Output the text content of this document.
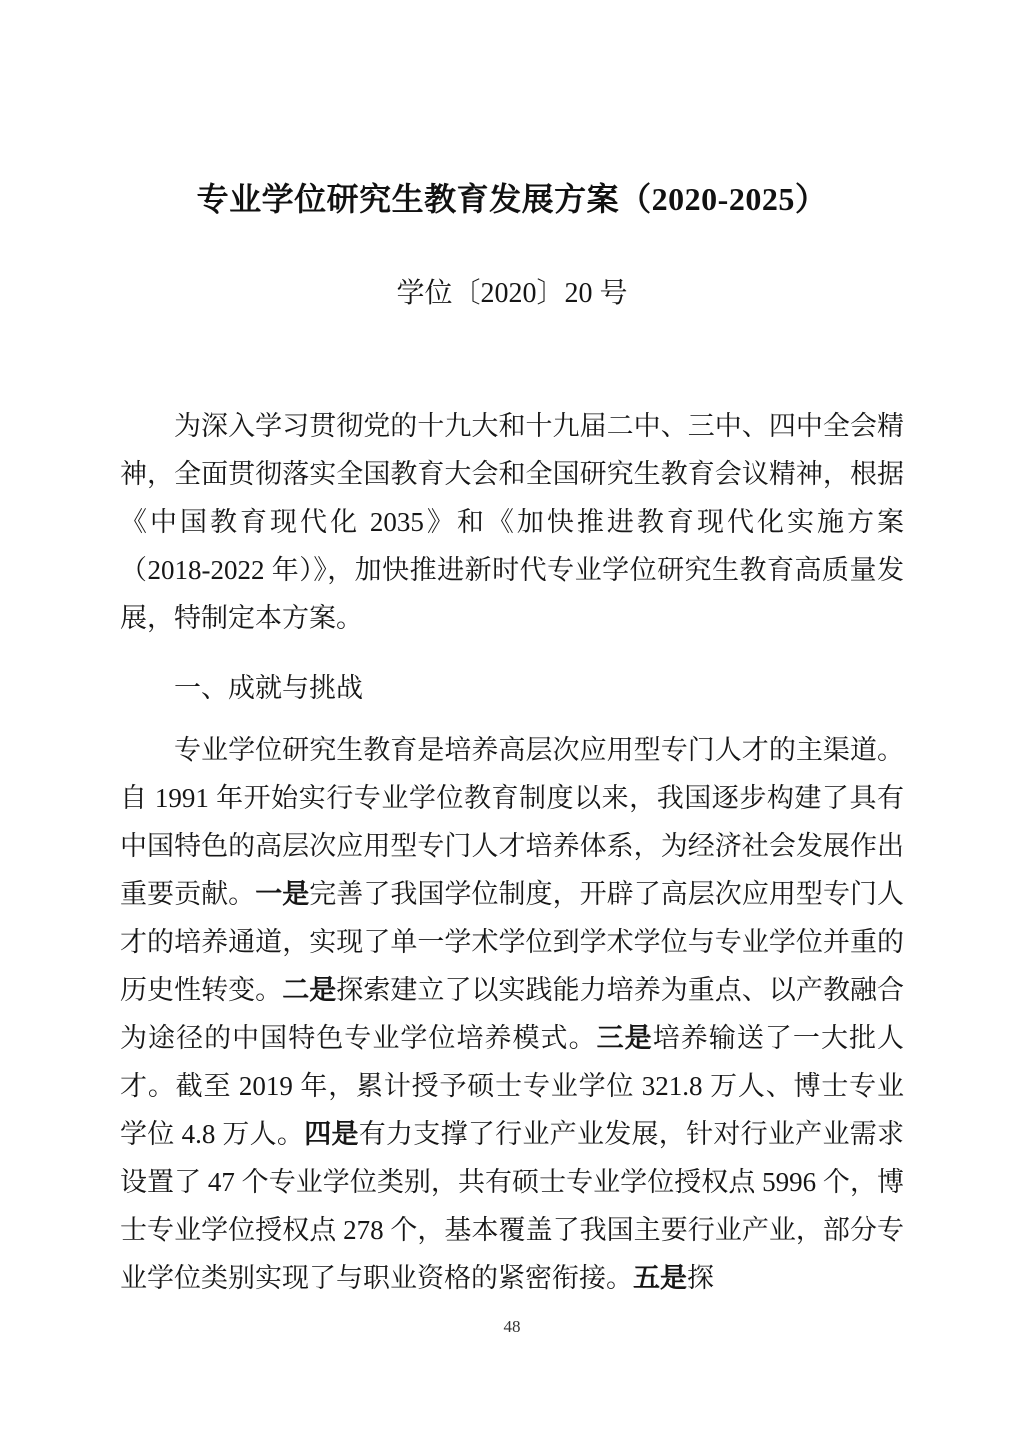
专业学位研究生教育发展方案（2020-2025）
学位〔2020〕20 号

为深入学习贯彻党的十九大和十九届二中、三中、四中全会精神，全面贯彻落实全国教育大会和全国研究生教育会议精神，根据《中国教育现代化 2035》和《加快推进教育现代化实施方案（2018-2022 年）》，加快推进新时代专业学位研究生教育高质量发展，特制定本方案。

一、成就与挑战

专业学位研究生教育是培养高层次应用型专门人才的主渠道。自 1991 年开始实行专业学位教育制度以来，我国逐步构建了具有中国特色的高层次应用型专门人才培养体系，为经济社会发展作出重要贡献。一是完善了我国学位制度，开辟了高层次应用型专门人才的培养通道，实现了单一学术学位到学术学位与专业学位并重的历史性转变。二是探索建立了以实践能力培养为重点、以产教融合为途径的中国特色专业学位培养模式。三是培养输送了一大批人才。截至 2019 年，累计授予硕士专业学位 321.8 万人、博士专业学位 4.8 万人。四是有力支撑了行业产业发展，针对行业产业需求设置了 47 个专业学位类别，共有硕士专业学位授权点 5996 个，博士专业学位授权点 278 个，基本覆盖了我国主要行业产业，部分专业学位类别实现了与职业资格的紧密衔接。五是探

48
